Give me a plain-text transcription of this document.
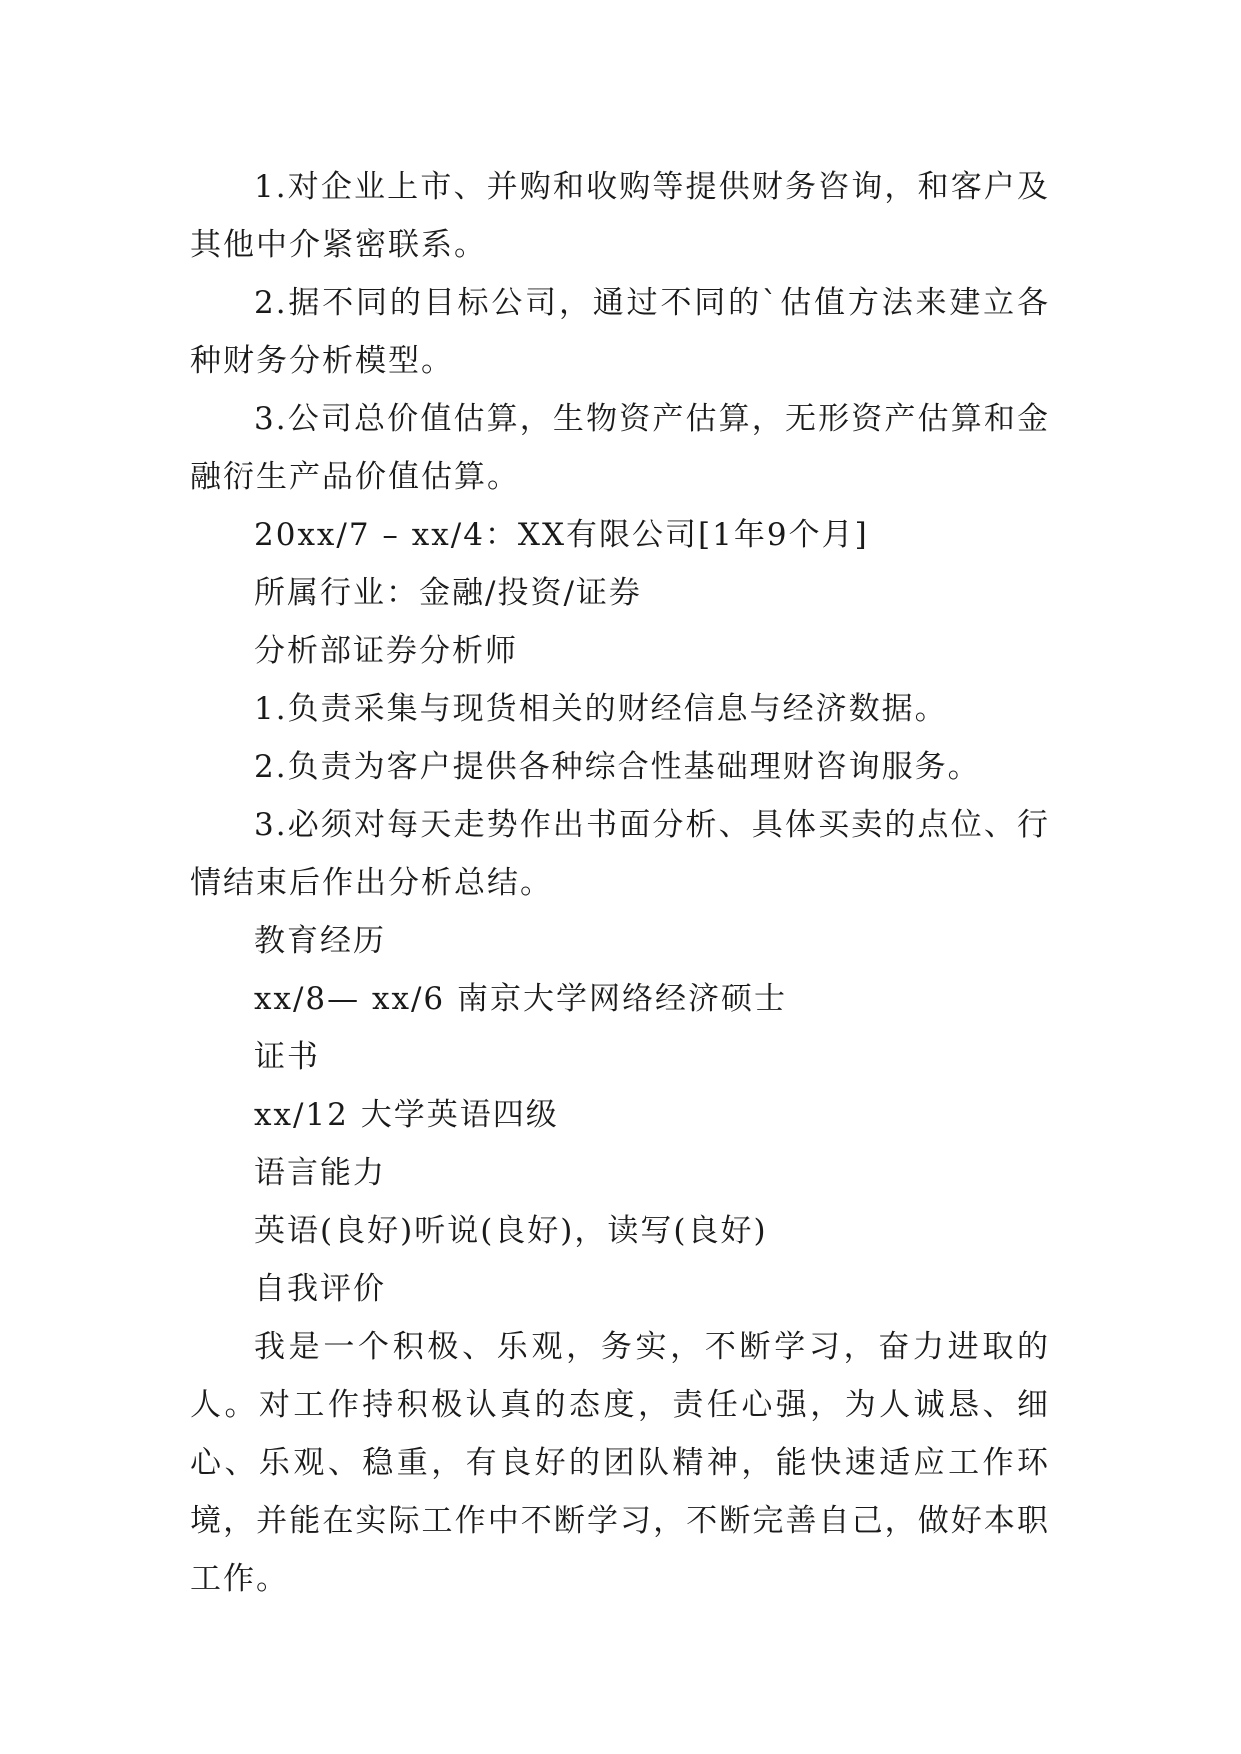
1.对企业上市、并购和收购等提供财务咨询，和客户及其他中介紧密联系。

2.据不同的目标公司，通过不同的`估值方法来建立各种财务分析模型。

3.公司总价值估算，生物资产估算，无形资产估算和金融衍生产品价值估算。

20xx/7 – xx/4：XX有限公司[1年9个月]

所属行业：金融/投资/证券

分析部证券分析师

1.负责采集与现货相关的财经信息与经济数据。

2.负责为客户提供各种综合性基础理财咨询服务。

3.必须对每天走势作出书面分析、具体买卖的点位、行情结束后作出分析总结。

教育经历

xx/8— xx/6 南京大学网络经济硕士

证书

xx/12 大学英语四级

语言能力

英语(良好)听说(良好)，读写(良好)

自我评价

我是一个积极、乐观，务实，不断学习，奋力进取的人。对工作持积极认真的态度，责任心强，为人诚恳、细心、乐观、稳重，有良好的团队精神，能快速适应工作环境，并能在实际工作中不断学习，不断完善自己，做好本职工作。
